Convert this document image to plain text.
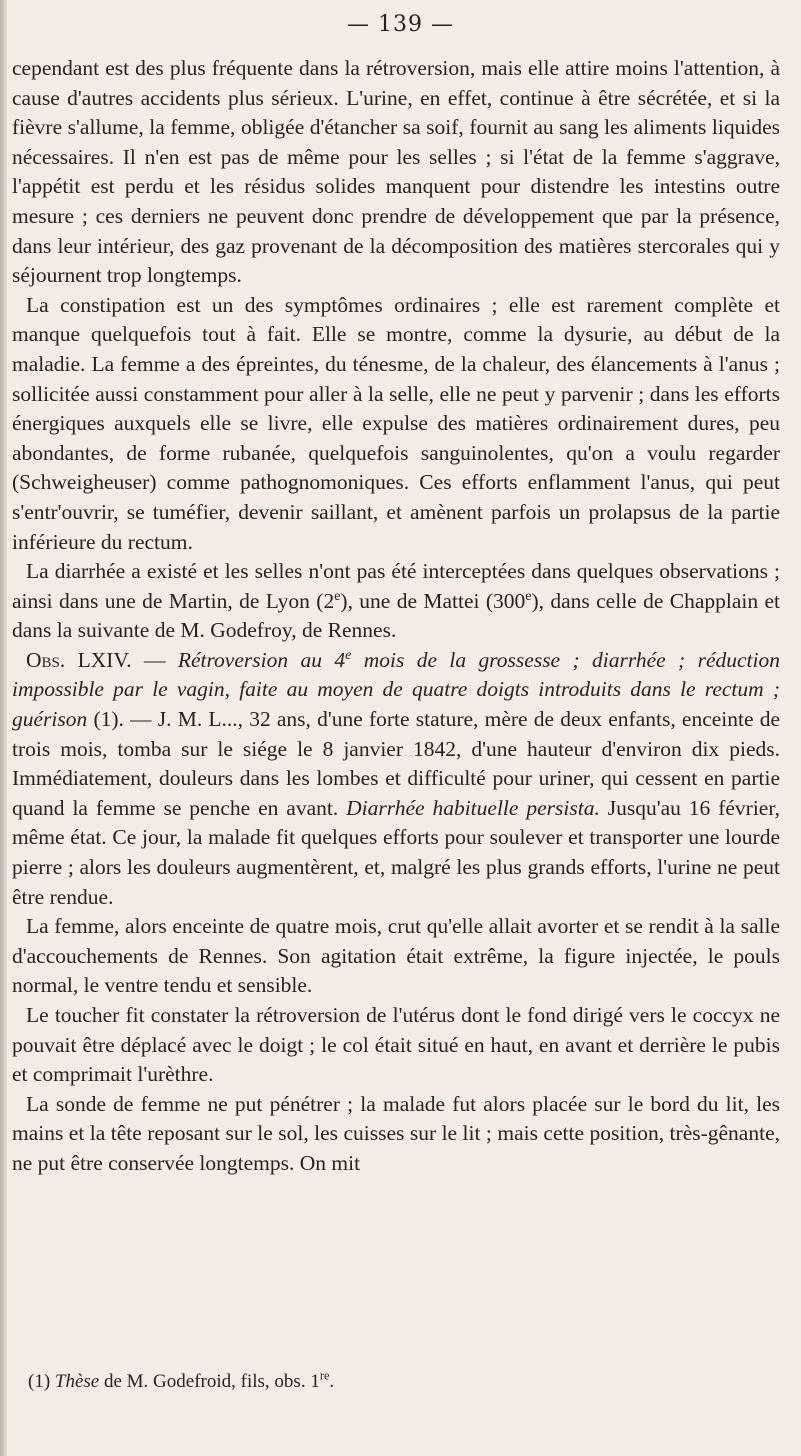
— 139 —

cependant est des plus fréquente dans la rétroversion, mais elle attire moins l'attention, à cause d'autres accidents plus sérieux. L'urine, en effet, continue à être sécrétée, et si la fièvre s'allume, la femme, obligée d'étancher sa soif, fournit au sang les aliments liquides nécessaires. Il n'en est pas de même pour les selles ; si l'état de la femme s'aggrave, l'appétit est perdu et les résidus solides manquent pour distendre les intestins outre mesure ; ces derniers ne peuvent donc prendre de développement que par la présence, dans leur intérieur, des gaz provenant de la décomposition des matières stercorales qui y séjournent trop longtemps.

La constipation est un des symptômes ordinaires ; elle est rarement complète et manque quelquefois tout à fait. Elle se montre, comme la dysurie, au début de la maladie. La femme a des épreintes, du ténesme, de la chaleur, des élancements à l'anus ; sollicitée aussi constamment pour aller à la selle, elle ne peut y parvenir ; dans les efforts énergiques auxquels elle se livre, elle expulse des matières ordinairement dures, peu abondantes, de forme rubanée, quelquefois sanguinolentes, qu'on a voulu regarder (Schweigheuser) comme pathognomoniques. Ces efforts enflamment l'anus, qui peut s'entr'ouvrir, se tuméfier, devenir saillant, et amènent parfois un prolapsus de la partie inférieure du rectum.

La diarrhée a existé et les selles n'ont pas été interceptées dans quelques observations ; ainsi dans une de Martin, de Lyon (2e), une de Mattei (300e), dans celle de Chapplain et dans la suivante de M. Godefroy, de Rennes.

Obs. LXIV. — Rétroversion au 4e mois de la grossesse ; diarrhée ; réduction impossible par le vagin, faite au moyen de quatre doigts introduits dans le rectum ; guérison (1). — J. M. L..., 32 ans, d'une forte stature, mère de deux enfants, enceinte de trois mois, tomba sur le siége le 8 janvier 1842, d'une hauteur d'environ dix pieds. Immédiatement, douleurs dans les lombes et difficulté pour uriner, qui cessent en partie quand la femme se penche en avant. Diarrhée habituelle persista. Jusqu'au 16 février, même état. Ce jour, la malade fit quelques efforts pour soulever et transporter une lourde pierre ; alors les douleurs augmentèrent, et, malgré les plus grands efforts, l'urine ne peut être rendue.

La femme, alors enceinte de quatre mois, crut qu'elle allait avorter et se rendit à la salle d'accouchements de Rennes. Son agitation était extrême, la figure injectée, le pouls normal, le ventre tendu et sensible.

Le toucher fit constater la rétroversion de l'utérus dont le fond dirigé vers le coccyx ne pouvait être déplacé avec le doigt ; le col était situé en haut, en avant et derrière le pubis et comprimait l'urèthre.

La sonde de femme ne put pénétrer ; la malade fut alors placée sur le bord du lit, les mains et la tête reposant sur le sol, les cuisses sur le lit ; mais cette position, très-gênante, ne put être conservée longtemps. On mit

(1) Thèse de M. Godefroid, fils, obs. 1re.
